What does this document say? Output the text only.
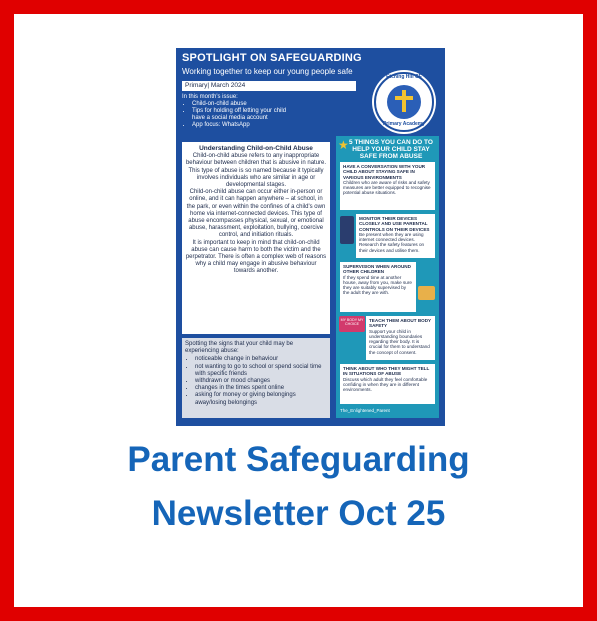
SPOTLIGHT ON SAFEGUARDING
Working together to keep our young people safe
Primary| March 2024
In this month's issue:
• Child-on-child abuse
• Tips for holding off letting your child
have a social media account
• App focus: WhatsApp
Etching Hill CE
Primary Academy
Understanding Child-on-Child Abuse
Child-on-child abuse refers to any inappropriate behaviour between children that is abusive in nature. This type of abuse is so named because it typically involves individuals who are similar in age or developmental stages.
Child-on-child abuse can occur either in-person or online, and it can happen anywhere – at school, in the park, or even within the confines of a child's own home via internet-connected devices. This type of abuse encompasses physical, sexual, or emotional abuse, harassment, exploitation, bullying, coercive control, and initiation rituals.
It is important to keep in mind that child-on-child abuse can cause harm to both the victim and the perpetrator. There is often a complex web of reasons why a child may engage in abusive behaviour towards another.
Spotting the signs that your child may be experiencing abuse:
• noticeable change in behaviour
• not wanting to go to school or spend social time with specific friends
• withdrawn or mood changes
• changes in the times spent online
• asking for money or giving belongings away/losing belongings
★ 5 THINGS YOU CAN DO TO HELP YOUR CHILD STAY SAFE FROM ABUSE
HAVE A CONVERSATION WITH YOUR CHILD ABOUT STAYING SAFE IN VARIOUS ENVIRONMENTS
Children who are aware of risks and safety measures are better equipped to recognise potential abuse situations.
MONITOR THEIR DEVICES CLOSELY AND USE PARENTAL CONTROLS ON THEIR DEVICES
Be present when they are using internet connected devices. Research the safety features on their devices and utilise them.
SUPERVISION WHEN AROUND OTHER CHILDREN
If they spend time at another house, away from you, make sure they are suitably supervised by the adult they are with.
MY BODY MY CHOICE
TEACH THEM ABOUT BODY SAFETY
Support your child in understanding boundaries regarding their body. It is crucial for them to understand the concept of consent.
THINK ABOUT WHO THEY MIGHT TELL IN SITUATIONS OF ABUSE
Discuss which adult they feel comfortable confiding in when they are in different environments.
The_Enlightened_Parent
Parent Safeguarding
Newsletter Oct 25
